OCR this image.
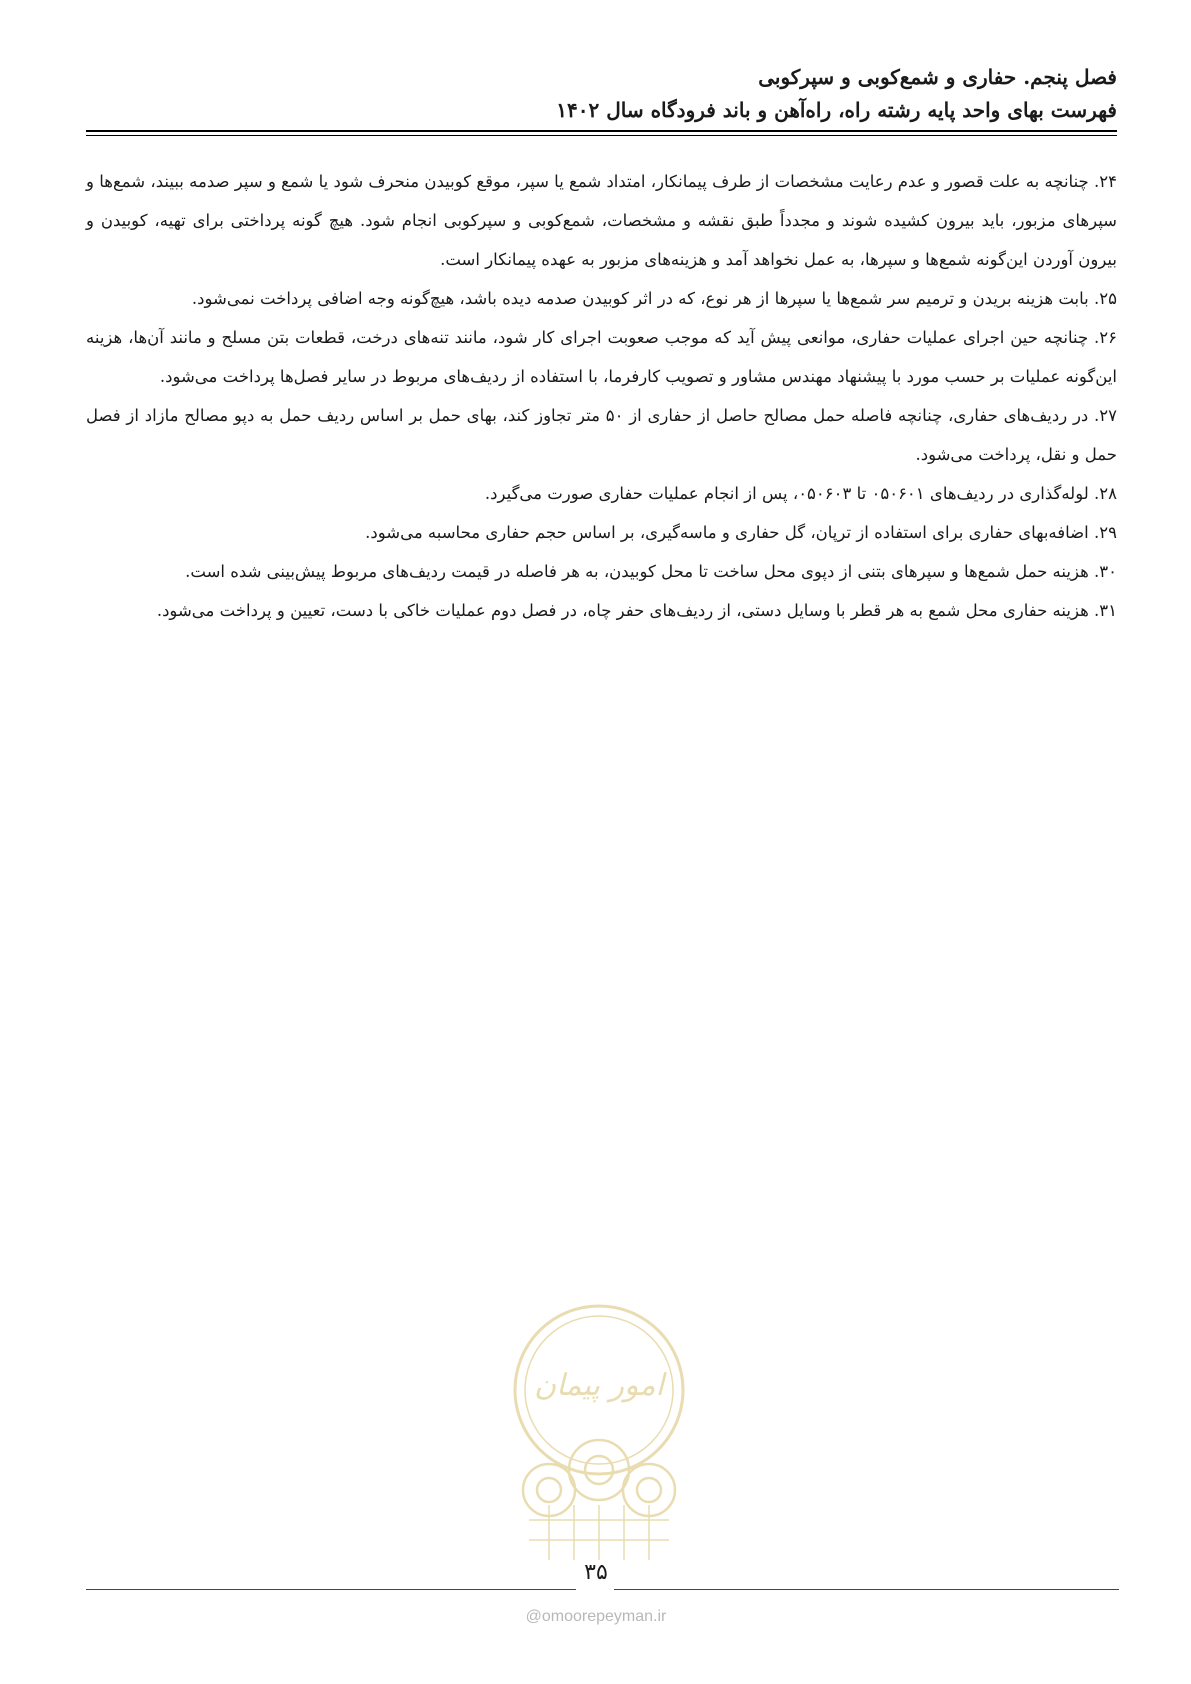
فصل پنجم. حفاری و شمع‌کوبی و سپرکوبی
فهرست بهای واحد پایه رشته راه، راه‌آهن و باند فرودگاه سال ۱۴۰۲

۲۴. چنانچه به علت قصور و عدم رعایت مشخصات از طرف پیمانکار، امتداد شمع یا سپر، موقع کوبیدن منحرف شود یا شمع و سپر صدمه ببیند، شمع‌ها و سپرهای مزبور، باید بیرون کشیده شوند و مجدداً طبق نقشه و مشخصات، شمع‌کوبی و سپرکوبی انجام شود. هیچ گونه پرداختی برای تهیه، کوبیدن و بیرون آوردن این‌گونه شمع‌ها و سپرها، به عمل نخواهد آمد و هزینه‌های مزبور به عهده پیمانکار است.

۲۵. بابت هزینه بریدن و ترمیم سر شمع‌ها یا سپرها از هر نوع، که در اثر کوبیدن صدمه دیده باشد، هیچ‌گونه وجه اضافی پرداخت نمی‌شود.

۲۶. چنانچه حین اجرای عملیات حفاری، موانعی پیش آید که موجب صعوبت اجرای کار شود، مانند تنه‌های درخت، قطعات بتن مسلح و مانند آن‌ها، هزینه این‌گونه عملیات بر حسب مورد با پیشنهاد مهندس مشاور و تصویب کارفرما، با استفاده از ردیف‌های مربوط در سایر فصل‌ها پرداخت می‌شود.

۲۷. در ردیف‌های حفاری، چنانچه فاصله حمل مصالح حاصل از حفاری از ۵۰ متر تجاوز کند، بهای حمل بر اساس ردیف حمل به دپو مصالح مازاد از فصل حمل و نقل، پرداخت می‌شود.

۲۸. لوله‌گذاری در ردیف‌های ۰۵۰۶۰۱ تا ۰۵۰۶۰۳، پس از انجام عملیات حفاری صورت می‌گیرد.

۲۹. اضافه‌بهای حفاری برای استفاده از ترپان، گل حفاری و ماسه‌گیری، بر اساس حجم حفاری محاسبه می‌شود.

۳۰. هزینه حمل شمع‌ها و سپرهای بتنی از دپوی محل ساخت تا محل کوبیدن، به هر فاصله در قیمت ردیف‌های مربوط پیش‌بینی شده است.

۳۱. هزینه حفاری محل شمع به هر قطر با وسایل دستی، از ردیف‌های حفر چاه، در فصل دوم عملیات خاکی با دست، تعیین و پرداخت می‌شود.

امور پیمان
۳۵
@omoorepeyman.ir
